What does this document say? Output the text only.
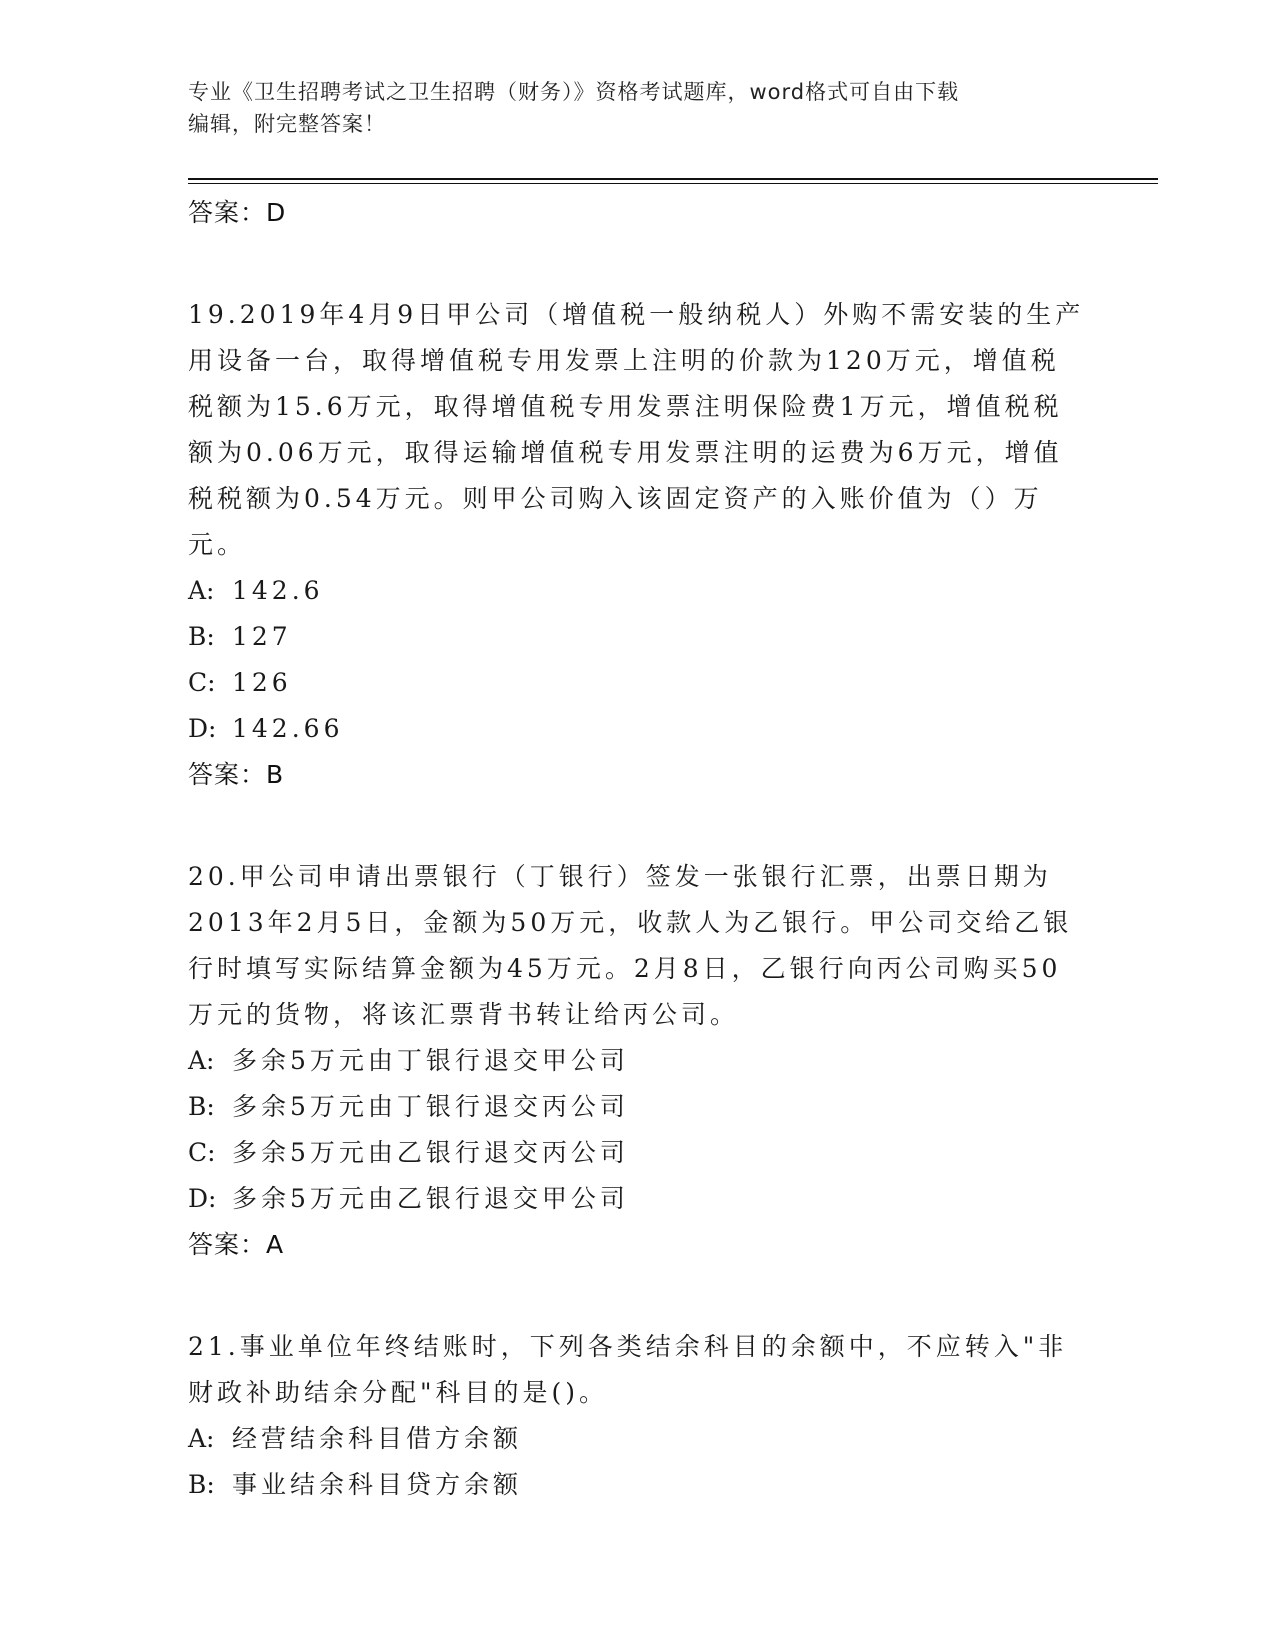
专业《卫生招聘考试之卫生招聘（财务）》资格考试题库，word格式可自由下载
编辑，附完整答案！
答案：D
19.2019年4月9日甲公司（增值税一般纳税人）外购不需安装的生产用设备一台，取得增值税专用发票上注明的价款为120万元，增值税税额为15.6万元，取得增值税专用发票注明保险费1万元，增值税税额为0.06万元，取得运输增值税专用发票注明的运费为6万元，增值税税额为0.54万元。则甲公司购入该固定资产的入账价值为（）万元。
A: 142.6
B: 127
C: 126
D: 142.66
答案：B
20.甲公司申请出票银行（丁银行）签发一张银行汇票，出票日期为2013年2月5日，金额为50万元，收款人为乙银行。甲公司交给乙银行时填写实际结算金额为45万元。2月8日，乙银行向丙公司购买50万元的货物，将该汇票背书转让给丙公司。
A: 多余5万元由丁银行退交甲公司
B: 多余5万元由丁银行退交丙公司
C: 多余5万元由乙银行退交丙公司
D: 多余5万元由乙银行退交甲公司
答案：A
21.事业单位年终结账时，下列各类结余科目的余额中，不应转入"非财政补助结余分配"科目的是()。
A: 经营结余科目借方余额
B: 事业结余科目贷方余额
